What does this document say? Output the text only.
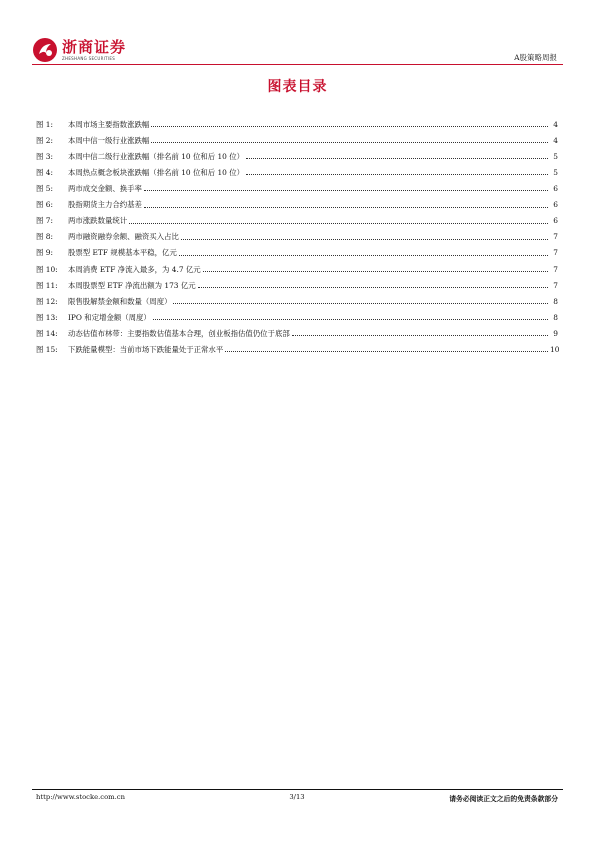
浙商证券
ZHESHANG SECURITIES	A股策略周报
图表目录
图 1:	本周市场主要指数涨跌幅	4
图 2:	本周中信一级行业涨跌幅	4
图 3:	本周中信二级行业涨跌幅（排名前 10 位和后 10 位）	5
图 4:	本周热点概念板块涨跌幅（排名前 10 位和后 10 位）	5
图 5:	两市成交金额、换手率	6
图 6:	股指期货主力合约基差	6
图 7:	两市涨跌数量统计	6
图 8:	两市融资融券余额、融资买入占比	7
图 9:	股票型 ETF 规模基本平稳，亿元	7
图 10:	本周消费 ETF 净流入最多，为 4.7 亿元	7
图 11:	本周股票型 ETF 净流出额为 173 亿元	7
图 12:	限售股解禁金额和数量（周度）	8
图 13:	IPO 和定增金额（周度）	8
图 14:	动态估值布林带：主要指数估值基本合理，创业板指估值仍位于底部	9
图 15:	下跌能量模型：当前市场下跌能量处于正常水平	10
http://www.stocke.com.cn	3/13	请务必阅读正文之后的免责条款部分
